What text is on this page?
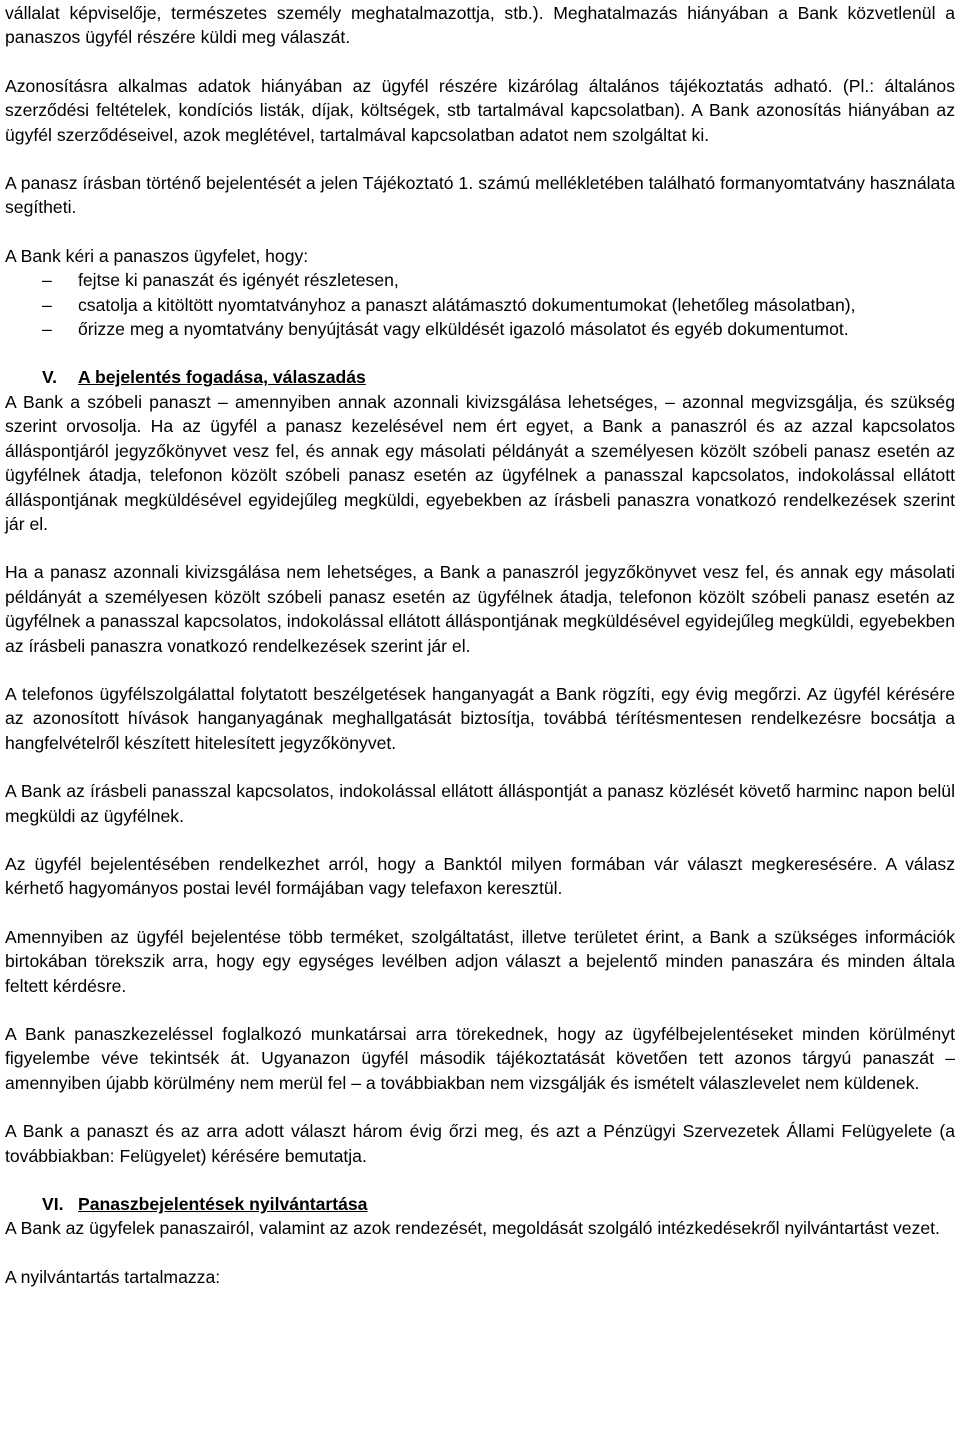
vállalat képviselője, természetes személy meghatalmazottja, stb.). Meghatalmazás hiányában a Bank közvetlenül a panaszos ügyfél részére küldi meg válaszát.

Azonosításra alkalmas adatok hiányában az ügyfél részére kizárólag általános tájékoztatás adható. (Pl.: általános szerződési feltételek, kondíciós listák, díjak, költségek, stb tartalmával kapcsolatban). A Bank azonosítás hiányában az ügyfél szerződéseivel, azok meglétével, tartalmával kapcsolatban adatot nem szolgáltat ki.

A panasz írásban történő bejelentését a jelen Tájékoztató 1. számú mellékletében található formanyomtatvány használata segítheti.

A Bank kéri a panaszos ügyfelet, hogy:

– fejtse ki panaszát és igényét részletesen,
– csatolja a kitöltött nyomtatványhoz a panaszt alátámasztó dokumentumokat (lehetőleg másolatban),
– őrizze meg a nyomtatvány benyújtását vagy elküldését igazoló másolatot és egyéb dokumentumot.
V. A bejelentés fogadása, válaszadás

A Bank a szóbeli panaszt – amennyiben annak azonnali kivizsgálása lehetséges, – azonnal megvizsgálja, és szükség szerint orvosolja. Ha az ügyfél a panasz kezelésével nem ért egyet, a Bank a panaszról és az azzal kapcsolatos álláspontjáról jegyzőkönyvet vesz fel, és annak egy másolati példányát a személyesen közölt szóbeli panasz esetén az ügyfélnek átadja, telefonon közölt szóbeli panasz esetén az ügyfélnek a panasszal kapcsolatos, indokolással ellátott álláspontjának megküldésével egyidejűleg megküldi, egyebekben az írásbeli panaszra vonatkozó rendelkezések szerint jár el.

Ha a panasz azonnali kivizsgálása nem lehetséges, a Bank a panaszról jegyzőkönyvet vesz fel, és annak egy másolati példányát a személyesen közölt szóbeli panasz esetén az ügyfélnek átadja, telefonon közölt szóbeli panasz esetén az ügyfélnek a panasszal kapcsolatos, indokolással ellátott álláspontjának megküldésével egyidejűleg megküldi, egyebekben az írásbeli panaszra vonatkozó rendelkezések szerint jár el.

A telefonos ügyfélszolgálattal folytatott beszélgetések hanganyagát a Bank rögzíti, egy évig megőrzi. Az ügyfél kérésére az azonosított hívások hanganyagának meghallgatását biztosítja, továbbá térítésmentesen rendelkezésre bocsátja a hangfelvételről készített hitelesített jegyzőkönyvet.

A Bank az írásbeli panasszal kapcsolatos, indokolással ellátott álláspontját a panasz közlését követő harminc napon belül megküldi az ügyfélnek.

Az ügyfél bejelentésében rendelkezhet arról, hogy a Banktól milyen formában vár választ megkeresésére. A válasz kérhető hagyományos postai levél formájában vagy telefaxon keresztül.

Amennyiben az ügyfél bejelentése több terméket, szolgáltatást, illetve területet érint, a Bank a szükséges információk birtokában törekszik arra, hogy egy egységes levélben adjon választ a bejelentő minden panaszára és minden általa feltett kérdésre.

A Bank panaszkezeléssel foglalkozó munkatársai arra törekednek, hogy az ügyfélbejelentéseket minden körülményt figyelembe véve tekintsék át. Ugyanazon ügyfél második tájékoztatását követően tett azonos tárgyú panaszát – amennyiben újabb körülmény nem merül fel – a továbbiakban nem vizsgálják és ismételt válaszlevelet nem küldenek.

A Bank a panaszt és az arra adott választ három évig őrzi meg, és azt a Pénzügyi Szervezetek Állami Felügyelete (a továbbiakban: Felügyelet) kérésére bemutatja.

VI. Panaszbejelentések nyilvántartása

A Bank az ügyfelek panaszairól, valamint az azok rendezését, megoldását szolgáló intézkedésekről nyilvántartást vezet.

A nyilvántartás tartalmazza:
